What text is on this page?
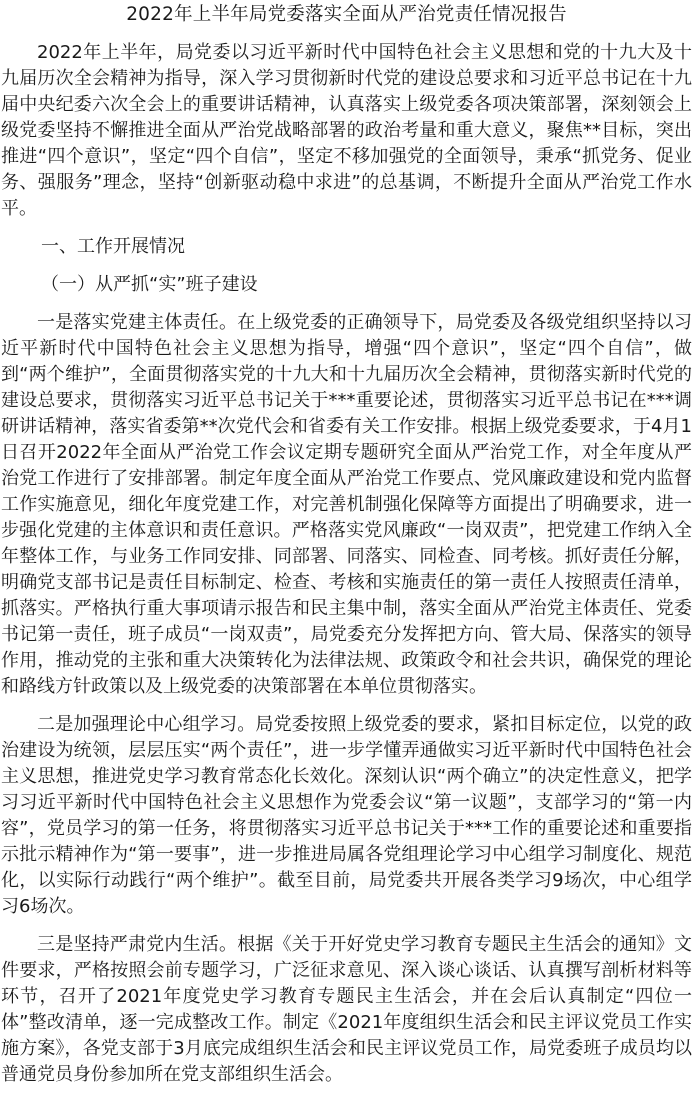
2022年上半年局党委落实全面从严治党责任情况报告

2022年上半年，局党委以习近平新时代中国特色社会主义思想和党的十九大及十九届历次全会精神为指导，深入学习贯彻新时代党的建设总要求和习近平总书记在十九届中央纪委六次全会上的重要讲话精神，认真落实上级党委各项决策部署，深刻领会上级党委坚持不懈推进全面从严治党战略部署的政治考量和重大意义，聚焦**目标，突出推进“四个意识”，坚定“四个自信”，坚定不移加强党的全面领导，秉承“抓党务、促业务、强服务”理念，坚持“创新驱动稳中求进”的总基调，不断提升全面从严治党工作水平。

一、工作开展情况

（一）从严抓“实”班子建设

一是落实党建主体责任。在上级党委的正确领导下，局党委及各级党组织坚持以习近平新时代中国特色社会主义思想为指导，增强“四个意识”，坚定“四个自信”，做到“两个维护”，全面贯彻落实党的十九大和十九届历次全会精神，贯彻落实新时代党的建设总要求，贯彻落实习近平总书记关于***重要论述，贯彻落实习近平总书记在***调研讲话精神，落实省委第**次党代会和省委有关工作安排。根据上级党委要求，于4月1日召开2022年全面从严治党工作会议定期专题研究全面从严治党工作，对全年度从严治党工作进行了安排部署。制定年度全面从严治党工作要点、党风廉政建设和党内监督工作实施意见，细化年度党建工作，对完善机制强化保障等方面提出了明确要求，进一步强化党建的主体意识和责任意识。严格落实党风廉政“一岗双责”，把党建工作纳入全年整体工作，与业务工作同安排、同部署、同落实、同检查、同考核。抓好责任分解，明确党支部书记是责任目标制定、检查、考核和实施责任的第一责任人按照责任清单，抓落实。严格执行重大事项请示报告和民主集中制，落实全面从严治党主体责任、党委书记第一责任，班子成员“一岗双责”，局党委充分发挥把方向、管大局、保落实的领导作用，推动党的主张和重大决策转化为法律法规、政策政令和社会共识，确保党的理论和路线方针政策以及上级党委的决策部署在本单位贯彻落实。

二是加强理论中心组学习。局党委按照上级党委的要求，紧扣目标定位，以党的政治建设为统领，层层压实“两个责任”，进一步学懂弄通做实习近平新时代中国特色社会主义思想，推进党史学习教育常态化长效化。深刻认识“两个确立”的决定性意义，把学习习近平新时代中国特色社会主义思想作为党委会议“第一议题”，支部学习的“第一内容”，党员学习的第一任务，将贯彻落实习近平总书记关于***工作的重要论述和重要指示批示精神作为“第一要事”，进一步推进局属各党组理论学习中心组学习制度化、规范化，以实际行动践行“两个维护”。截至目前，局党委共开展各类学习9场次，中心组学习6场次。

三是坚持严肃党内生活。根据《关于开好党史学习教育专题民主生活会的通知》文件要求，严格按照会前专题学习，广泛征求意见、深入谈心谈话、认真撰写剖析材料等环节，召开了2021年度党史学习教育专题民主生活会，并在会后认真制定“四位一体”整改清单，逐一完成整改工作。制定《2021年度组织生活会和民主评议党员工作实施方案》，各党支部于3月底完成组织生活会和民主评议党员工作，局党委班子成员均以普通党员身份参加所在党支部组织生活会。
